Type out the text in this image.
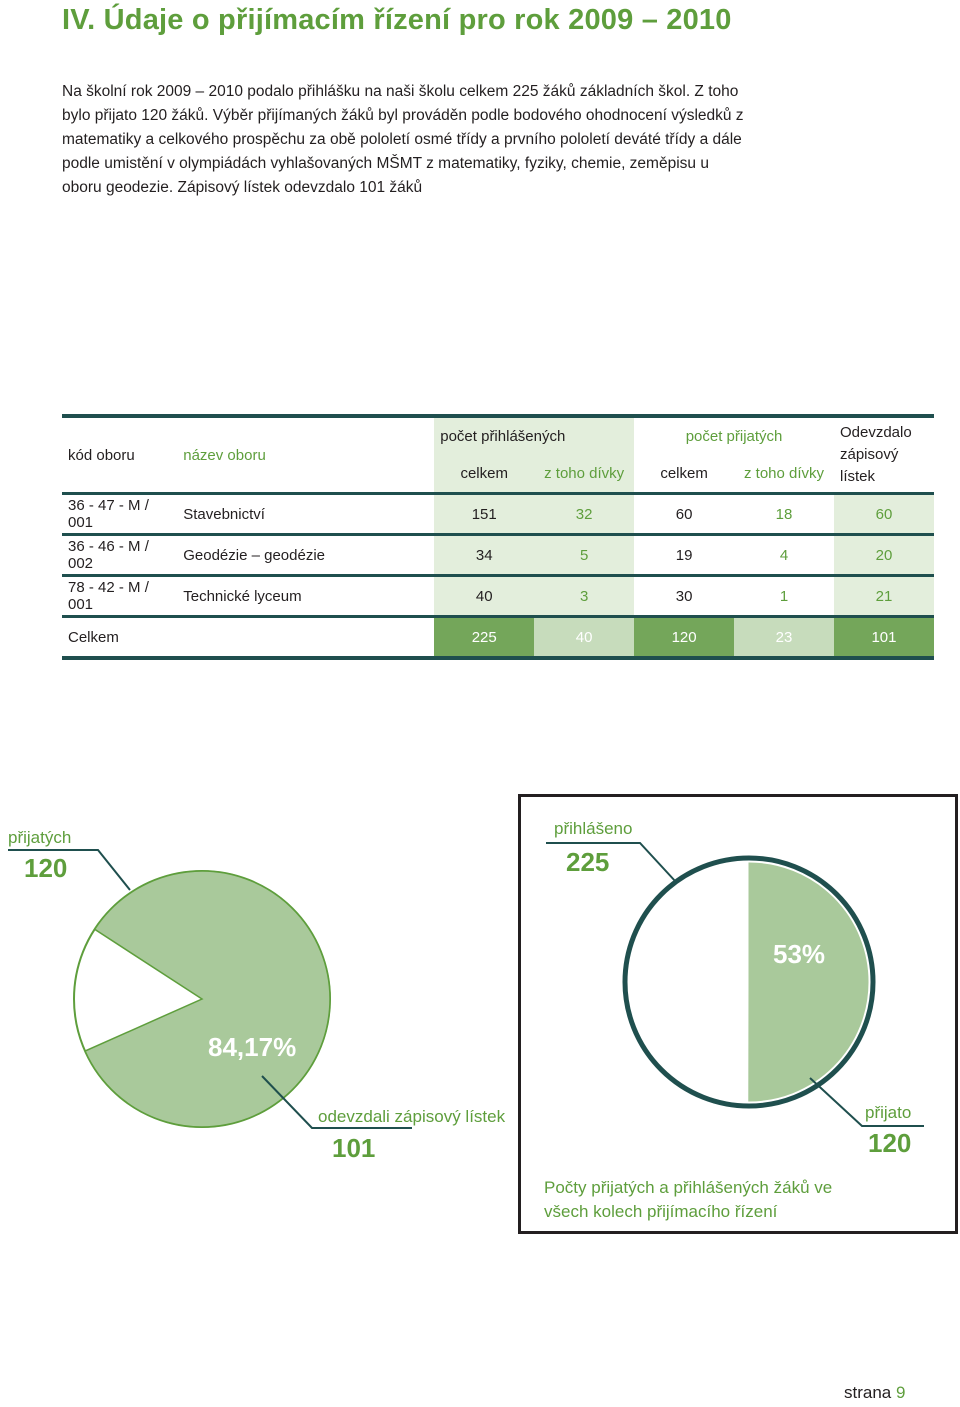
IV. Údaje o přijímacím řízení pro rok 2009 – 2010

Na školní rok 2009 – 2010 podalo přihlášku na naši školu celkem 225 žáků základních škol. Z toho bylo přijato 120 žáků. Výběr přijímaných žáků byl prováděn podle bodového ohodnocení výsledků z matematiky a celkového prospěchu za obě pololetí osmé třídy a prvního pololetí deváté třídy a dále podle umistění v olympiádách vyhlašovaných MŠMT z matematiky, fyziky, chemie, zeměpisu u oboru geodezie. Zápisový lístek odevzdalo 101 žáků

kód oboru	název oboru	počet přihlášených		počet přijatých		Odevzdalo zápisový lístek
		celkem	z toho dívky	celkem	z toho dívky	
36 - 47 - M / 001	Stavebnictví	151	32	60	18	60
36 - 46 - M / 002	Geodézie – geodézie	34	5	19	4	20
78 - 42 - M / 001	Technické lyceum	40	3	30	1	21
Celkem		225	40	120	23	101
přijatých
120
84,17%
odevzdali zápisový lístek
101
přihlášeno
225
53%
přijato
120
Počty přijatých a přihlášených žáků ve všech kolech přijímacího řízení
strana 9
